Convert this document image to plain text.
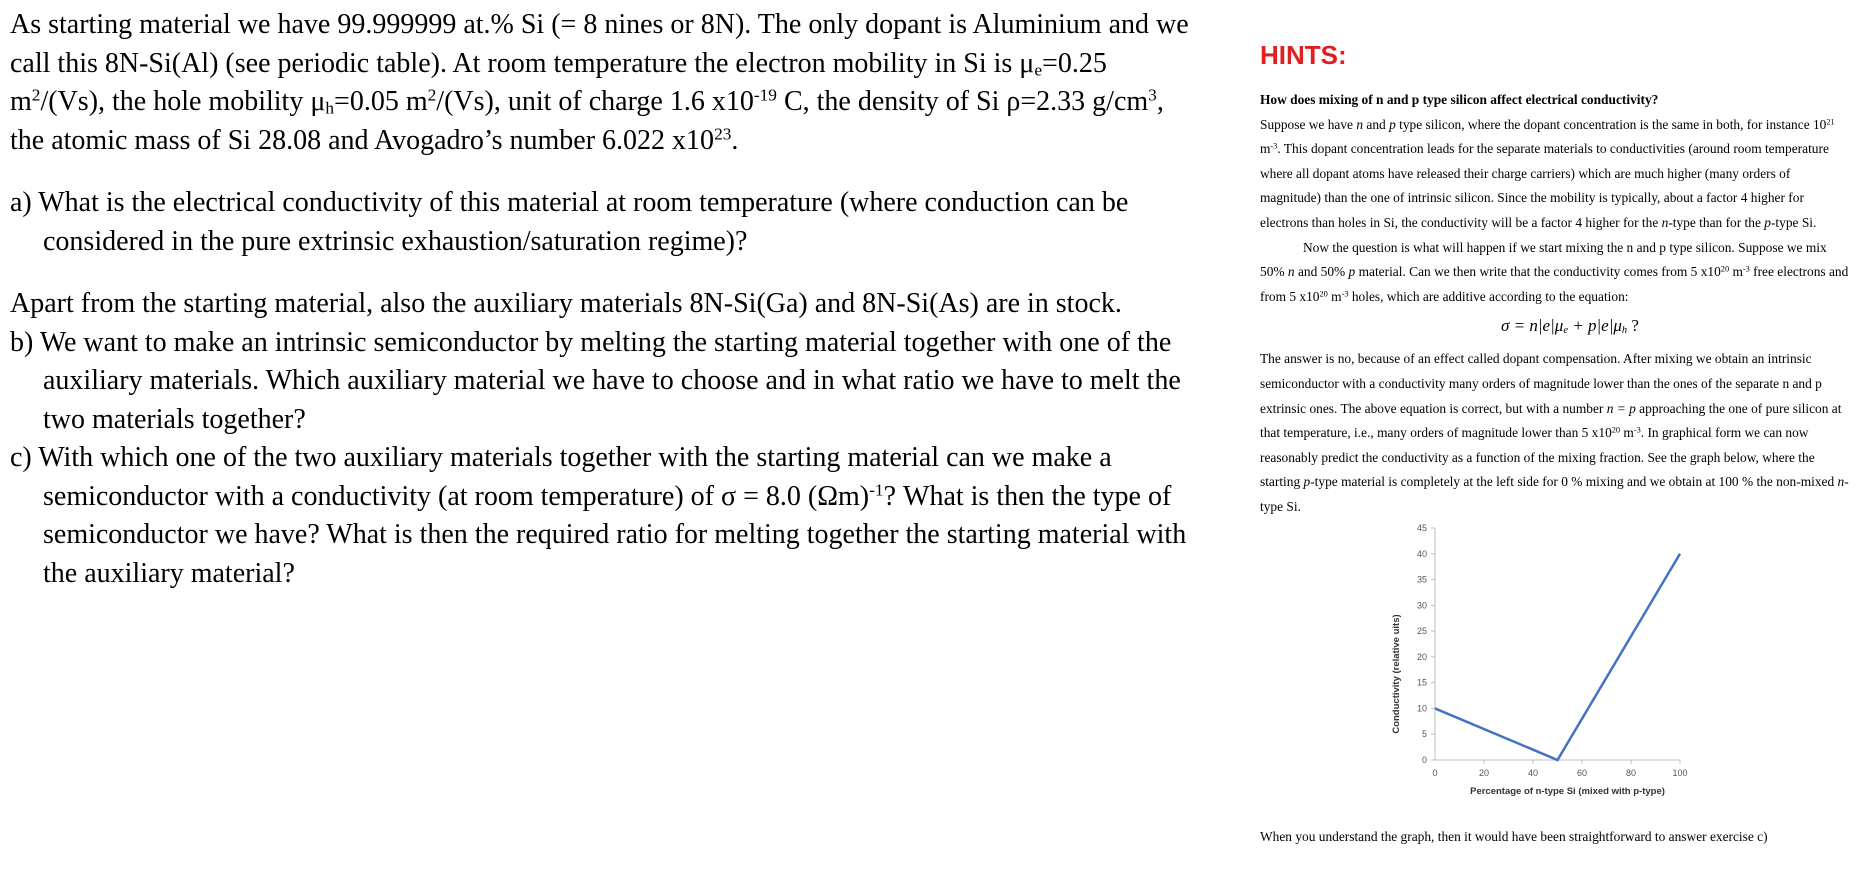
As starting material we have 99.999999 at.% Si (= 8 nines or 8N). The only dopant is Aluminium and we call this 8N-Si(Al) (see periodic table). At room temperature the electron mobility in Si is $\mu_e=0.25$ $m^2/(Vs)$, the hole mobility $\mu_h=0.05$ $m^2/(Vs)$, unit of charge 1.6 $x10^{-19}$ C, the density of Si ρ=2.33 $g/cm^3$, the atomic mass of Si 28.08 and Avogadro’s number 6.022 $x10^{23}$.

a) What is the electrical conductivity of this material at room temperature (where conduction can be considered in the pure extrinsic exhaustion/saturation regime)?

Apart from the starting material, also the auxiliary materials 8N-Si(Ga) and 8N-Si(As) are in stock.

b) We want to make an intrinsic semiconductor by melting the starting material together with one of the auxiliary materials. Which auxiliary material we have to choose and in what ratio we have to melt the two materials together?

c) With which one of the two auxiliary materials together with the starting material can we make a semiconductor with a conductivity (at room temperature) of σ = 8.0 $(\Omega m)^{-1}$? What is then the type of semiconductor we have? What is then the required ratio for melting together the starting material with the auxiliary material?

HINTS:

How does mixing of n and p type silicon affect electrical conductivity?

Suppose we have n and p type silicon, where the dopant concentration is the same in both, for instance $10^{21}$ $m^{-3}$. This dopant concentration leads for the separate materials to conductivities (around room temperature where all dopant atoms have released their charge carriers) which are much higher (many orders of magnitude) than the one of intrinsic silicon. Since the mobility is typically, about a factor 4 higher for electrons than holes in Si, the conductivity will be a factor 4 higher for the n-type than for the p-type Si.

Now the question is what will happen if we start mixing the n and p type silicon. Suppose we mix 50% n and 50% p material. Can we then write that the conductivity comes from 5 $x10^{20}$ $m^{-3}$ free electrons and from 5 $x10^{20}$ $m^{-3}$ holes, which are additive according to the equation:

$\sigma = n|e|\mu_e + p|e|\mu_h$ ?

The answer is no, because of an effect called dopant compensation. After mixing we obtain an intrinsic semiconductor with a conductivity many orders of magnitude lower than the ones of the separate n and p extrinsic ones. The above equation is correct, but with a number n = p approaching the one of pure silicon at that temperature, i.e., many orders of magnitude lower than 5 $x10^{20}$ $m^{-3}$. In graphical form we can now reasonably predict the conductivity as a function of the mixing fraction. See the graph below, where the starting p-type material is completely at the left side for 0 % mixing and we obtain at 100 % the non-mixed n-type Si.

0
5
10
15
20
25
30
35
40
45
0	20	40	60	80	100
Percentage of n-type Si (mixed with p-type)
Conductivity (relative uits)

When you understand the graph, then it would have been straightforward to answer exercise c)
